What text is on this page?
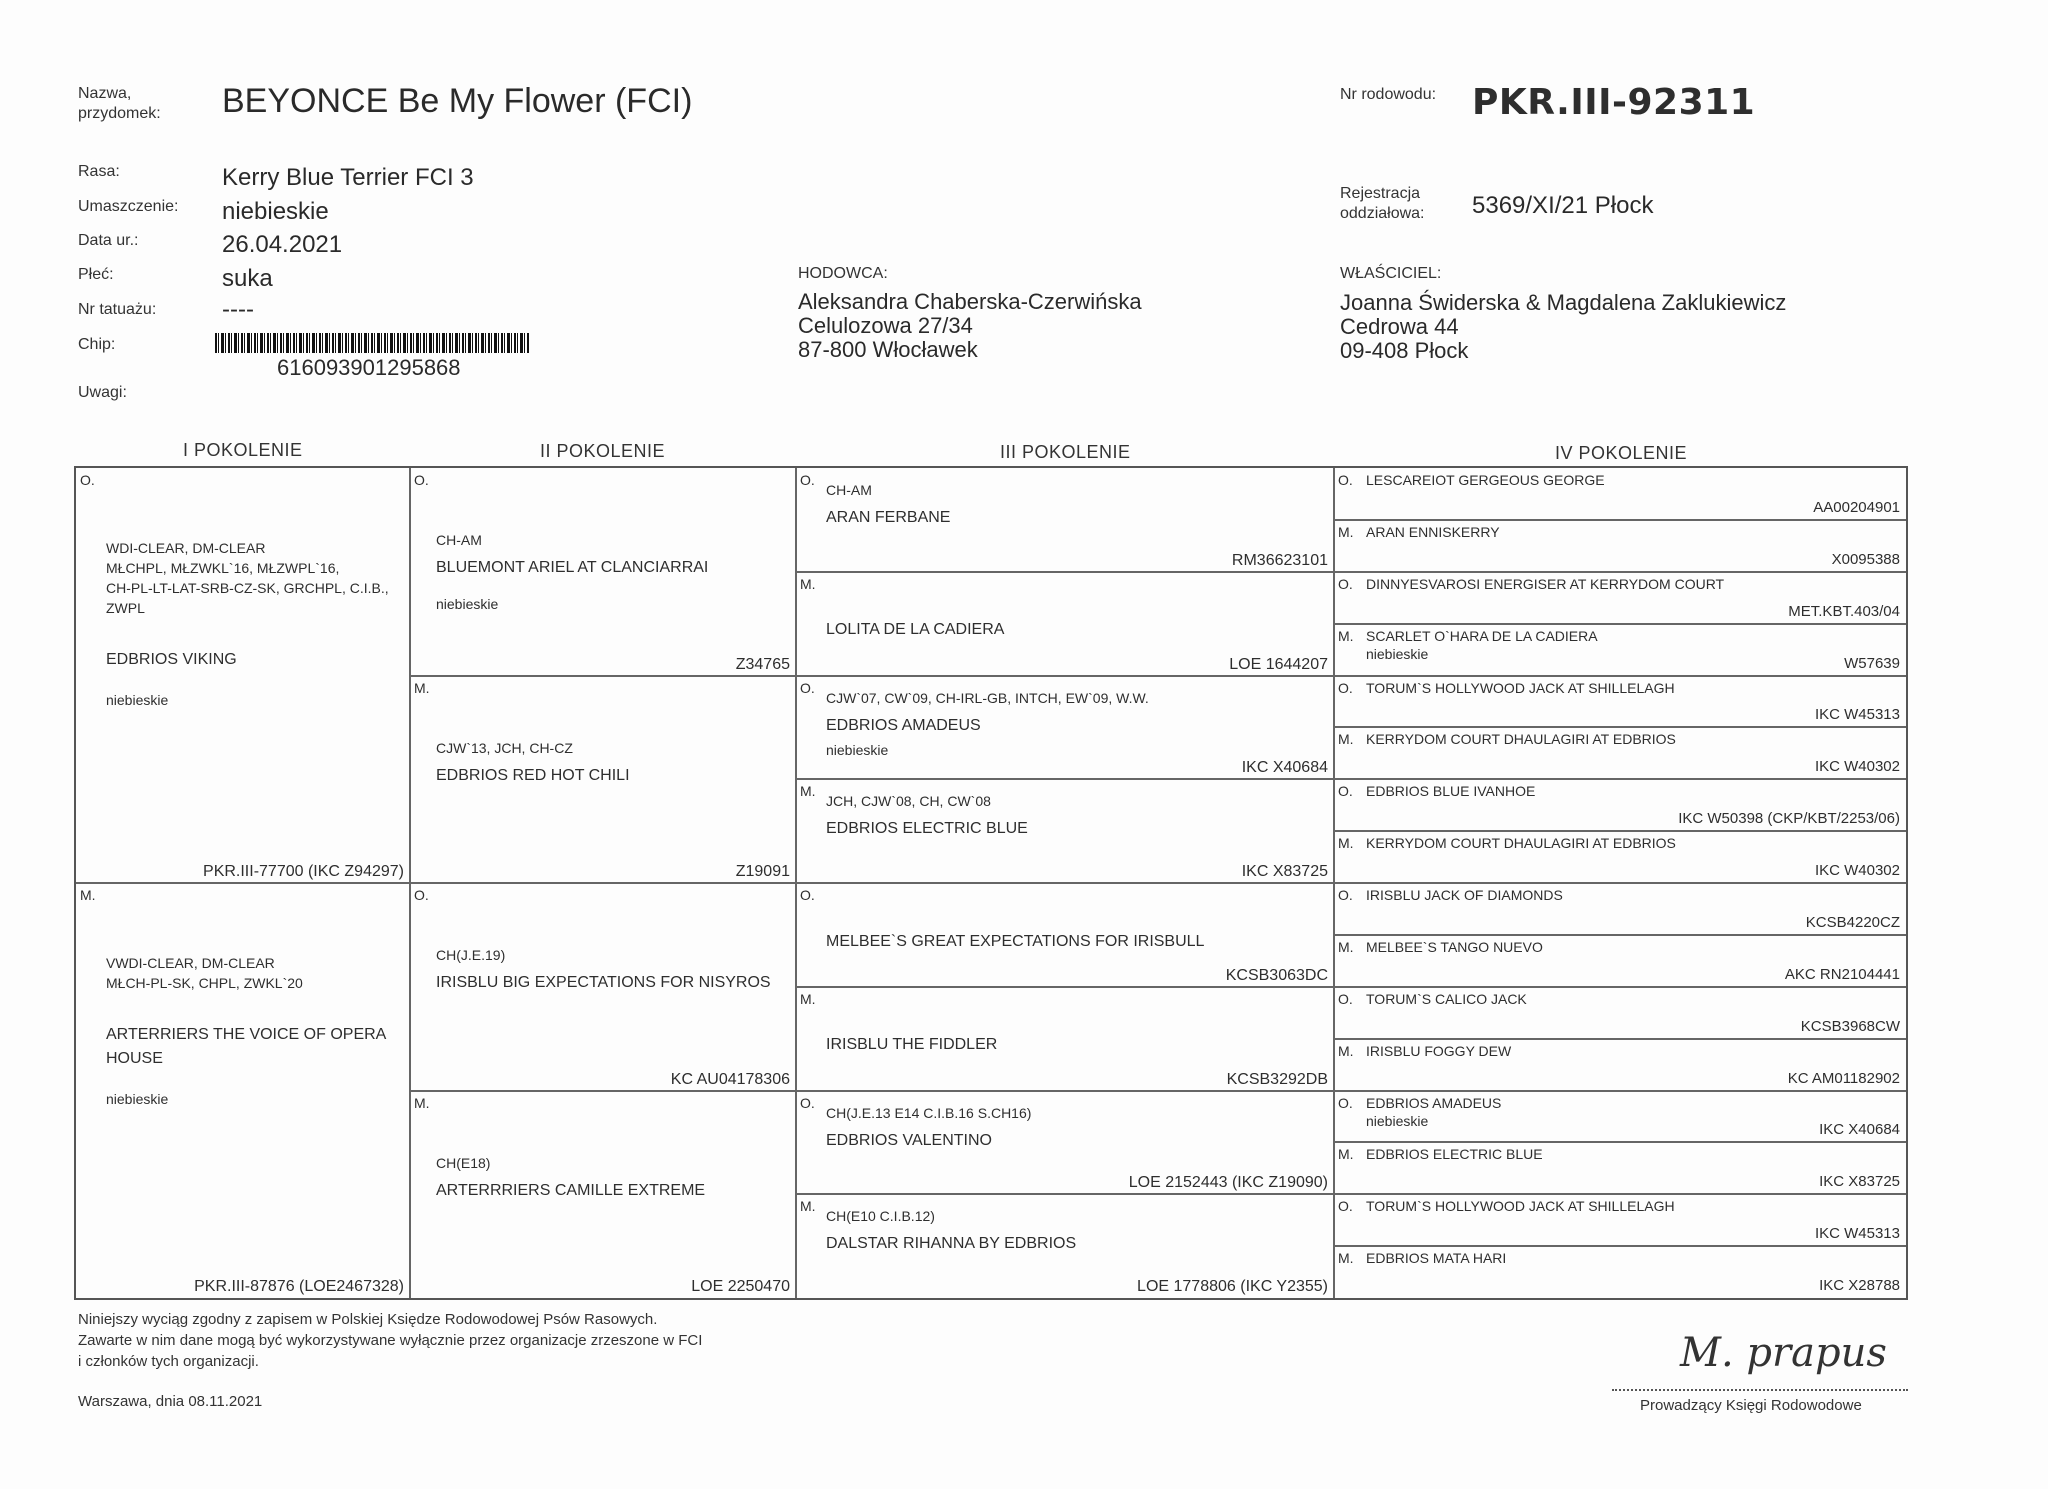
Nazwa,
przydomek: BEYONCE Be My Flower (FCI)	Nr rodowodu: PKR.III-92311
Rejestracja
oddziałowa: 5369/XI/21 Płock
Rasa:	Kerry Blue Terrier FCI 3
Umaszczenie: niebieskie
Data ur.:	26.04.2021
Płeć:	suka
Nr tatuażu:	----
Chip:
616093901295868
Uwagi:
HODOWCA:
Aleksandra Chaberska-Czerwińska
Celulozowa 27/34
87-800 Włocławek
WŁAŚCICIEL:
Joanna Świderska & Magdalena Zaklukiewicz
Cedrowa 44
09-408 Płock
I POKOLENIE	II POKOLENIE	III POKOLENIE	IV POKOLENIE
O.
WDI-CLEAR, DM-CLEAR
MŁCHPL, MŁZWKL`16, MŁZWPL`16,
CH-PL-LT-LAT-SRB-CZ-SK, GRCHPL, C.I.B.,
ZWPL
EDBRIOS VIKING
niebieskie
PKR.III-77700 (IKC Z94297)
M.
VWDI-CLEAR, DM-CLEAR
MŁCH-PL-SK, CHPL, ZWKL`20
ARTERRIERS THE VOICE OF OPERA
HOUSE
niebieskie
PKR.III-87876 (LOE2467328)
O.
CH-AM
BLUEMONT ARIEL AT CLANCIARRAI
niebieskie
Z34765
M.
CJW`13, JCH, CH-CZ
EDBRIOS RED HOT CHILI
Z19091
O.
CH(J.E.19)
IRISBLU BIG EXPECTATIONS FOR NISYROS
KC AU04178306
M.
CH(E18)
ARTERRRIERS CAMILLE EXTREME
LOE 2250470
O.
CH-AM
ARAN FERBANE
RM36623101
M.
LOLITA DE LA CADIERA
LOE 1644207
O.
CJW`07, CW`09, CH-IRL-GB, INTCH, EW`09, W.W.
EDBRIOS AMADEUS
niebieskie
IKC X40684
M.
JCH, CJW`08, CH, CW`08
EDBRIOS ELECTRIC BLUE
IKC X83725
O.
MELBEE`S GREAT EXPECTATIONS FOR IRISBULL
KCSB3063DC
M.
IRISBLU THE FIDDLER
KCSB3292DB
O.
CH(J.E.13 E14 C.I.B.16 S.CH16)
EDBRIOS VALENTINO
LOE 2152443 (IKC Z19090)
M.
CH(E10 C.I.B.12)
DALSTAR RIHANNA BY EDBRIOS
LOE 1778806 (IKC Y2355)
O. LESCAREIOT GERGEOUS GEORGE
AA00204901
M. ARAN ENNISKERRY
X0095388
O. DINNYESVAROSI ENERGISER AT KERRYDOM COURT
MET.KBT.403/04
M. SCARLET O`HARA DE LA CADIERA
niebieskie
W57639
O. TORUM`S HOLLYWOOD JACK AT SHILLELAGH
IKC W45313
M. KERRYDOM COURT DHAULAGIRI AT EDBRIOS
IKC W40302
O. EDBRIOS BLUE IVANHOE
IKC W50398 (CKP/KBT/2253/06)
M. KERRYDOM COURT DHAULAGIRI AT EDBRIOS
IKC W40302
O. IRISBLU JACK OF DIAMONDS
KCSB4220CZ
M. MELBEE`S TANGO NUEVO
AKC RN2104441
O. TORUM`S CALICO JACK
KCSB3968CW
M. IRISBLU FOGGY DEW
KC AM01182902
O. EDBRIOS AMADEUS
niebieskie
IKC X40684
M. EDBRIOS ELECTRIC BLUE
IKC X83725
O. TORUM`S HOLLYWOOD JACK AT SHILLELAGH
IKC W45313
M. EDBRIOS MATA HARI
IKC X28788
Niniejszy wyciąg zgodny z zapisem w Polskiej Księdze Rodowodowej Psów Rasowych.
Zawarte w nim dane mogą być wykorzystywane wyłącznie przez organizacje zrzeszone w FCI
i członków tych organizacji.
Warszawa, dnia 08.11.2021
M. prapus
Prowadzący Księgi Rodowodowe
